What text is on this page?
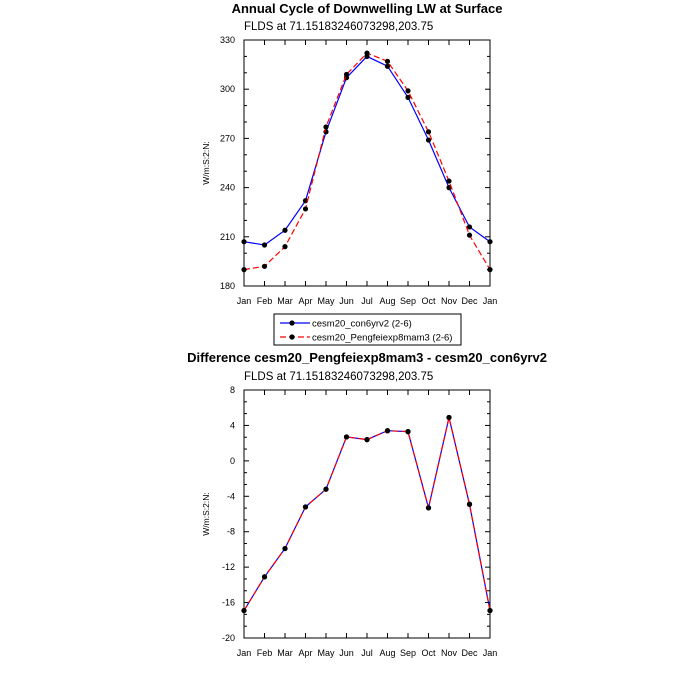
Annual Cycle of Downwelling LW at Surface
FLDS at 71.15183246073298,203.75
W/m:S:2:N:
180
210
240
270
300
330
Jan Feb Mar Apr May Jun Jul Aug Sep Oct Nov Dec Jan
cesm20_con6yrv2 (2-6)
cesm20_Pengfeiexp8mam3 (2-6)
Difference cesm20_Pengfeiexp8mam3 - cesm20_con6yrv2
FLDS at 71.15183246073298,203.75
W/m:S:2:N:
-20
-16
-12
-8
-4
0
4
8
Jan Feb Mar Apr May Jun Jul Aug Sep Oct Nov Dec Jan
